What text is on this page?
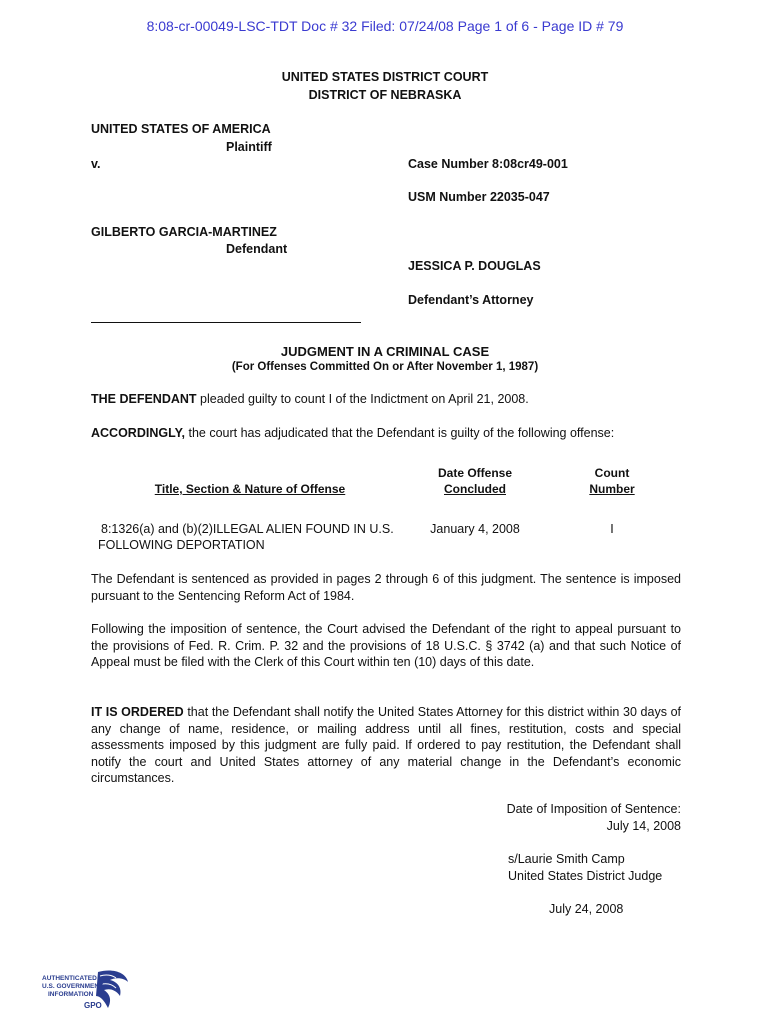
8:08-cr-00049-LSC-TDT Doc # 32 Filed: 07/24/08 Page 1 of 6 - Page ID # 79
UNITED STATES DISTRICT COURT
DISTRICT OF NEBRASKA
UNITED STATES OF AMERICA
Plaintiff
v.	Case Number 8:08cr49-001
USM Number 22035-047
GILBERTO GARCIA-MARTINEZ
Defendant
JESSICA P. DOUGLAS
Defendant’s Attorney
JUDGMENT IN A CRIMINAL CASE
(For Offenses Committed On or After November 1, 1987)
THE DEFENDANT pleaded guilty to count I of the Indictment on April 21, 2008.
ACCORDINGLY, the court has adjudicated that the Defendant is guilty of the following offense:
Title, Section & Nature of Offense
Date Offense
Concluded
Count
Number
8:1326(a) and (b)(2)ILLEGAL ALIEN FOUND IN U.S.
FOLLOWING DEPORTATION
January 4, 2008	I
The Defendant is sentenced as provided in pages 2 through 6 of this judgment. The sentence is imposed pursuant to the Sentencing Reform Act of 1984.
Following the imposition of sentence, the Court advised the Defendant of the right to appeal pursuant to the provisions of Fed. R. Crim. P. 32 and the provisions of 18 U.S.C. § 3742 (a) and that such Notice of Appeal must be filed with the Clerk of this Court within ten (10) days of this date.
IT IS ORDERED that the Defendant shall notify the United States Attorney for this district within 30 days of any change of name, residence, or mailing address until all fines, restitution, costs and special assessments imposed by this judgment are fully paid. If ordered to pay restitution, the Defendant shall notify the court and United States attorney of any material change in the Defendant’s economic circumstances.
Date of Imposition of Sentence:
July 14, 2008
s/Laurie Smith Camp
United States District Judge
July 24, 2008
AUTHENTICATED
U.S. GOVERNMENT
INFORMATION
GPO
